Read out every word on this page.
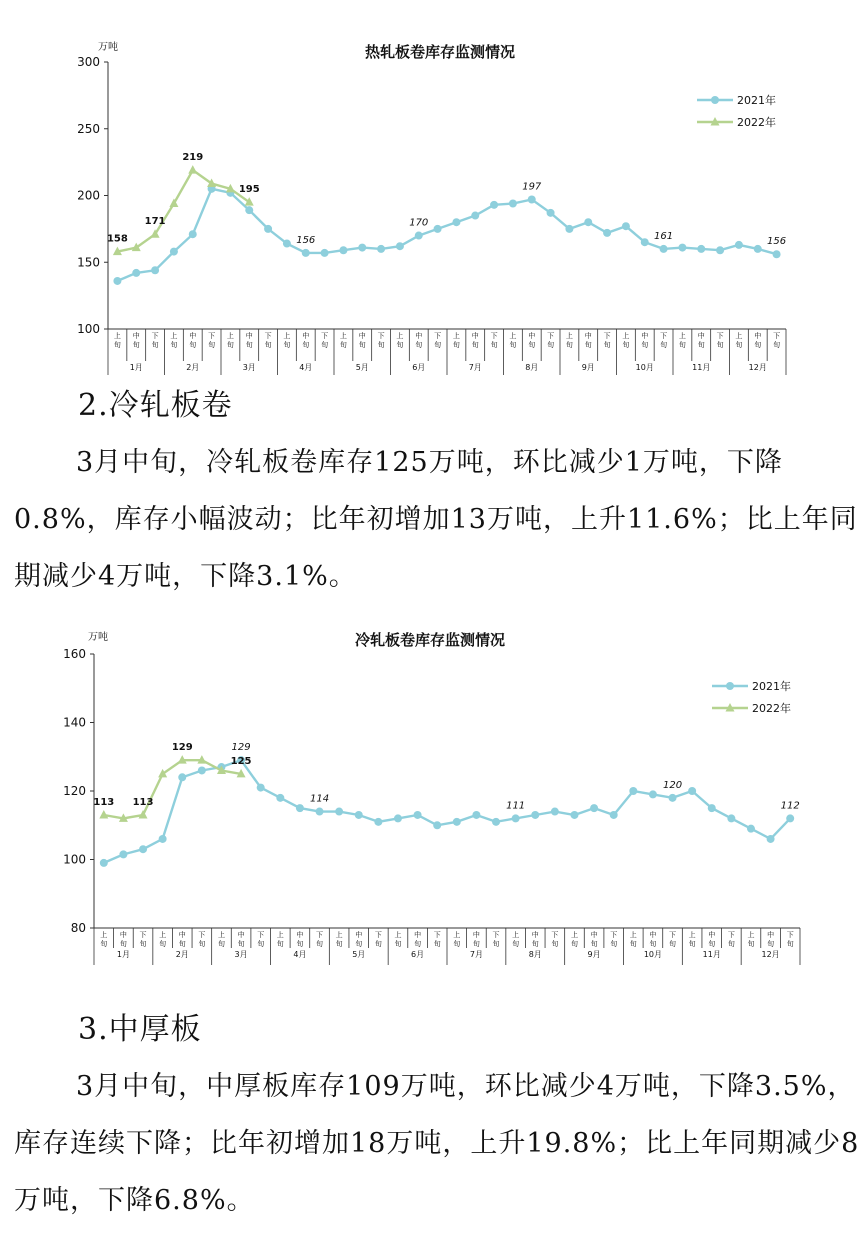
热轧板卷库存监测情况
万吨
100
150
200
250
300
上
旬
中
旬
下
旬
上
旬
中
旬
下
旬
上
旬
中
旬
下
旬
上
旬
中
旬
下
旬
上
旬
中
旬
下
旬
上
旬
中
旬
下
旬
上
旬
中
旬
下
旬
上
旬
中
旬
下
旬
上
旬
中
旬
下
旬
上
旬
中
旬
下
旬
上
旬
中
旬
下
旬
上
旬
中
旬
下
旬
1月	2月	3月	4月	5月	6月	7月	8月	9月	10月	11月	12月
156
170
197
161	156
158
171
219
195
2021年
2022年
2.冷轧板卷
3月中旬，冷轧板卷库存125万吨，环比减少1万吨，下降0.8%，库存小幅波动；比年初增加13万吨，上升11.6%；比上年同期减少4万吨，下降3.1%。
冷轧板卷库存监测情况
万吨
80
100
120
140
160
上
旬
中
旬
下
旬
上
旬
中
旬
下
旬
上
旬
中
旬
下
旬
上
旬
中
旬
下
旬
上
旬
中
旬
下
旬
上
旬
中
旬
下
旬
上
旬
中
旬
下
旬
上
旬
中
旬
下
旬
上
旬
中
旬
下
旬
上
旬
中
旬
下
旬
上
旬
中
旬
下
旬
上
旬
中
旬
下
旬
1月	2月	3月	4月	5月	6月	7月	8月	9月	10月	11月	12月
129
114
111
120
112
113 113
129
125
2021年
2022年
3.中厚板
3月中旬，中厚板库存109万吨，环比减少4万吨，下降3.5%，库存连续下降；比年初增加18万吨，上升19.8%；比上年同期减少8万吨，下降6.8%。
